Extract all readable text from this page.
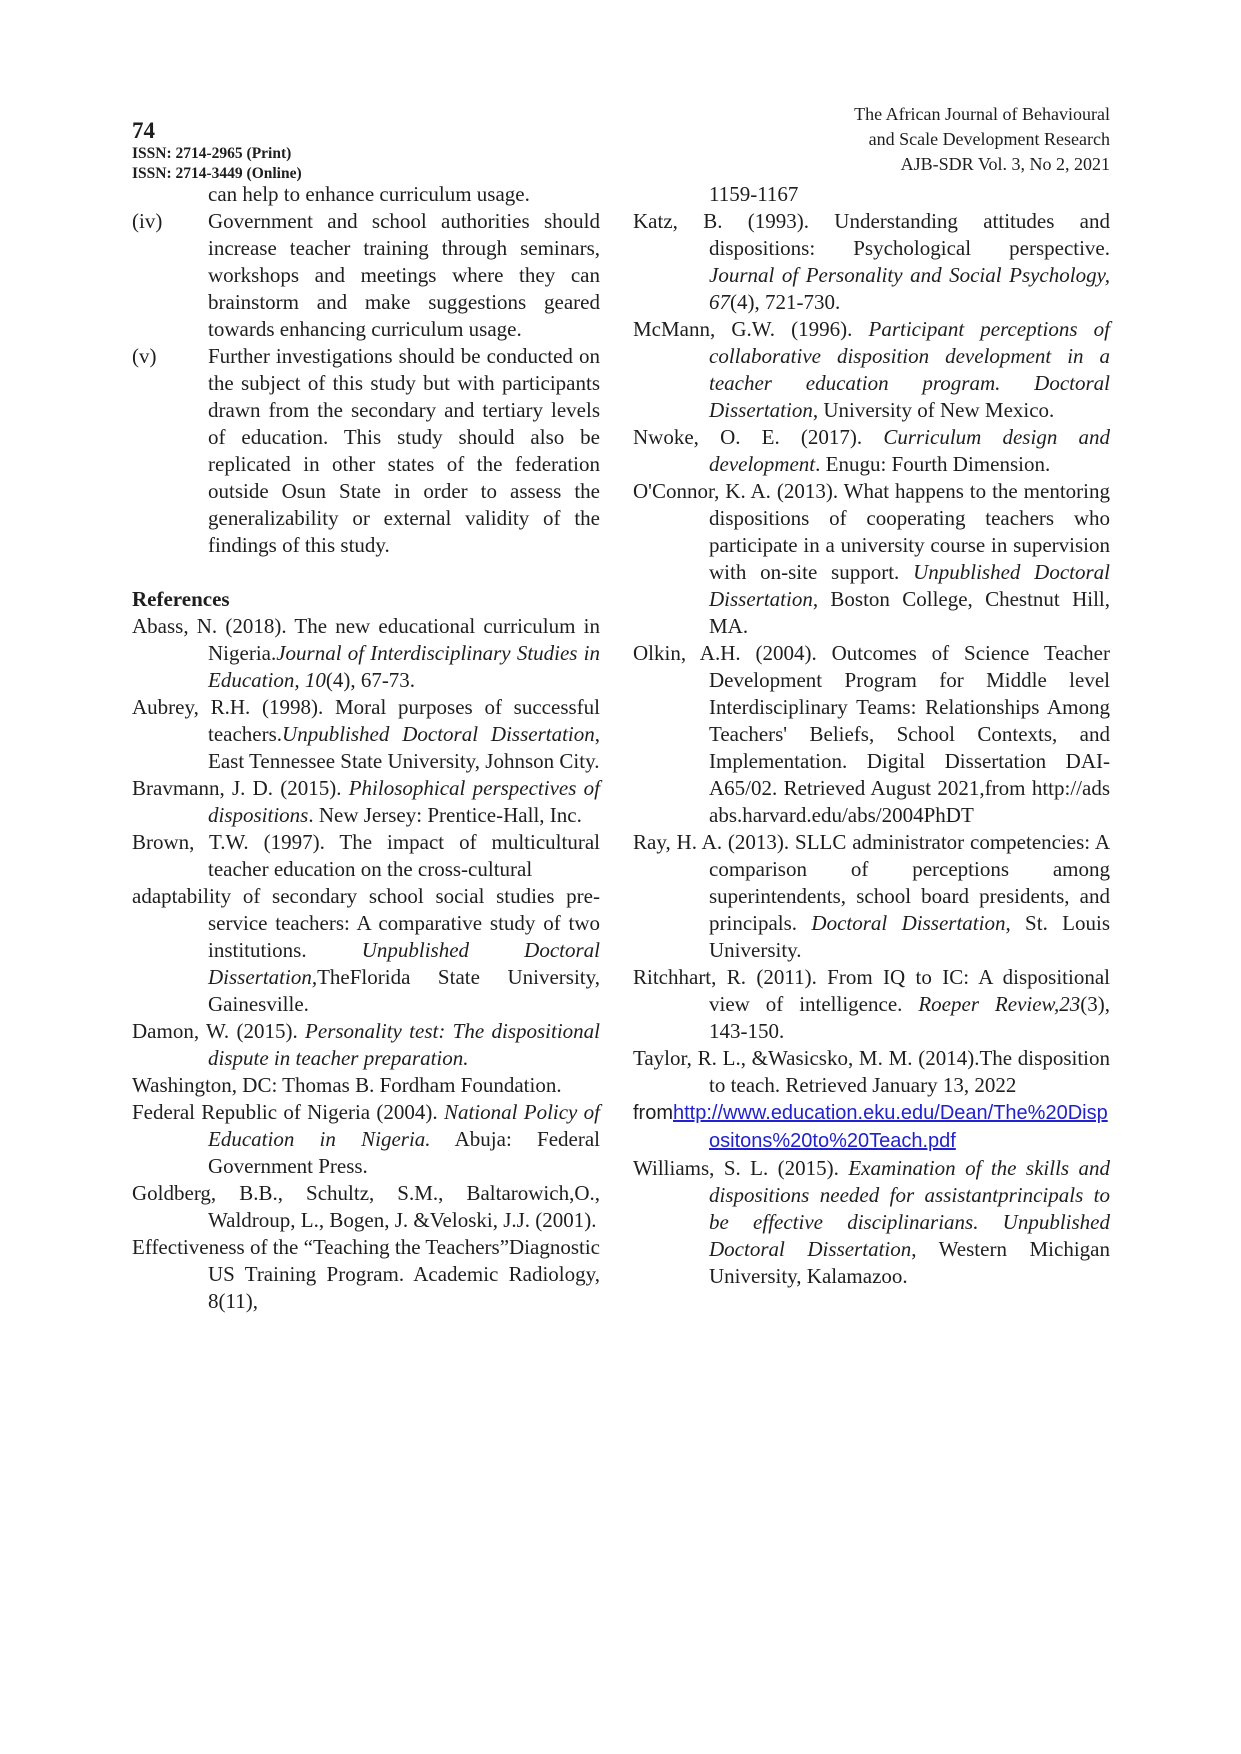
74
ISSN: 2714-2965 (Print)
ISSN: 2714-3449 (Online)
The African Journal of Behavioural
and Scale Development Research
AJB-SDR Vol. 3, No 2, 2021

can help to enhance curriculum usage.

(iv)	Government and school authorities should increase teacher training through seminars, workshops and meetings where they can brainstorm and make suggestions geared towards enhancing curriculum usage.

(v)	Further investigations should be conducted on the subject of this study but with participants drawn from the secondary and tertiary levels of education. This study should also be replicated in other states of the federation outside Osun State in order to assess the generalizability or external validity of the findings of this study.

References

Abass, N. (2018). The new educational curriculum in Nigeria.Journal of Interdisciplinary Studies in Education, 10(4), 67-73.

Aubrey, R.H. (1998). Moral purposes of successful teachers.Unpublished Doctoral Dissertation, East Tennessee State University, Johnson City.

Bravmann, J. D. (2015). Philosophical perspectives of dispositions. New Jersey: Prentice-Hall, Inc.

Brown, T.W. (1997). The impact of multicultural teacher education on the cross-cultural

adaptability of secondary school social studies pre-service teachers: A comparative study of two institutions. Unpublished Doctoral Dissertation,TheFlorida State University, Gainesville.

Damon, W. (2015). Personality test: The dispositional dispute in teacher preparation.

Washington, DC: Thomas B. Fordham Foundation.

Federal Republic of Nigeria (2004). National Policy of Education in Nigeria. Abuja: Federal Government Press.

Goldberg, B.B., Schultz, S.M., Baltarowich,O., Waldroup, L., Bogen, J. &Veloski, J.J. (2001).

Effectiveness of the “Teaching the Teachers”Diagnostic US Training Program. Academic Radiology, 8(11),

1159-1167

Katz, B. (1993). Understanding attitudes and dispositions: Psychological perspective. Journal of Personality and Social Psychology, 67(4), 721-730.

McMann, G.W. (1996). Participant perceptions of collaborative disposition development in a teacher education program. Doctoral Dissertation, University of New Mexico.

Nwoke, O. E. (2017). Curriculum design and development. Enugu: Fourth Dimension.

O'Connor, K. A. (2013). What happens to the mentoring dispositions of cooperating teachers who participate in a university course in supervision with on-site support. Unpublished Doctoral Dissertation, Boston College, Chestnut Hill, MA.

Olkin, A.H. (2004). Outcomes of Science Teacher Development Program for Middle level Interdisciplinary Teams: Relationships Among Teachers' Beliefs, School Contexts, and Implementation. Digital Dissertation DAI-A65/02. Retrieved August 2021,from http://adsabs.harvard.edu/abs/2004PhDT

Ray, H. A. (2013). SLLC administrator competencies: A comparison of perceptions among superintendents, school board presidents, and principals. Doctoral Dissertation, St. Louis University.

Ritchhart, R. (2011). From IQ to IC: A dispositional view of intelligence. Roeper Review,23(3), 143-150.

Taylor, R. L., &Wasicsko, M. M. (2014).The disposition to teach. Retrieved January 13, 2022

fromhttp://www.education.eku.edu/Dean/The%20Dispositons%20to%20Teach.pdf

Williams, S. L. (2015). Examination of the skills and dispositions needed for assistantprincipals to be effective disciplinarians. Unpublished Doctoral Dissertation, Western Michigan University, Kalamazoo.
